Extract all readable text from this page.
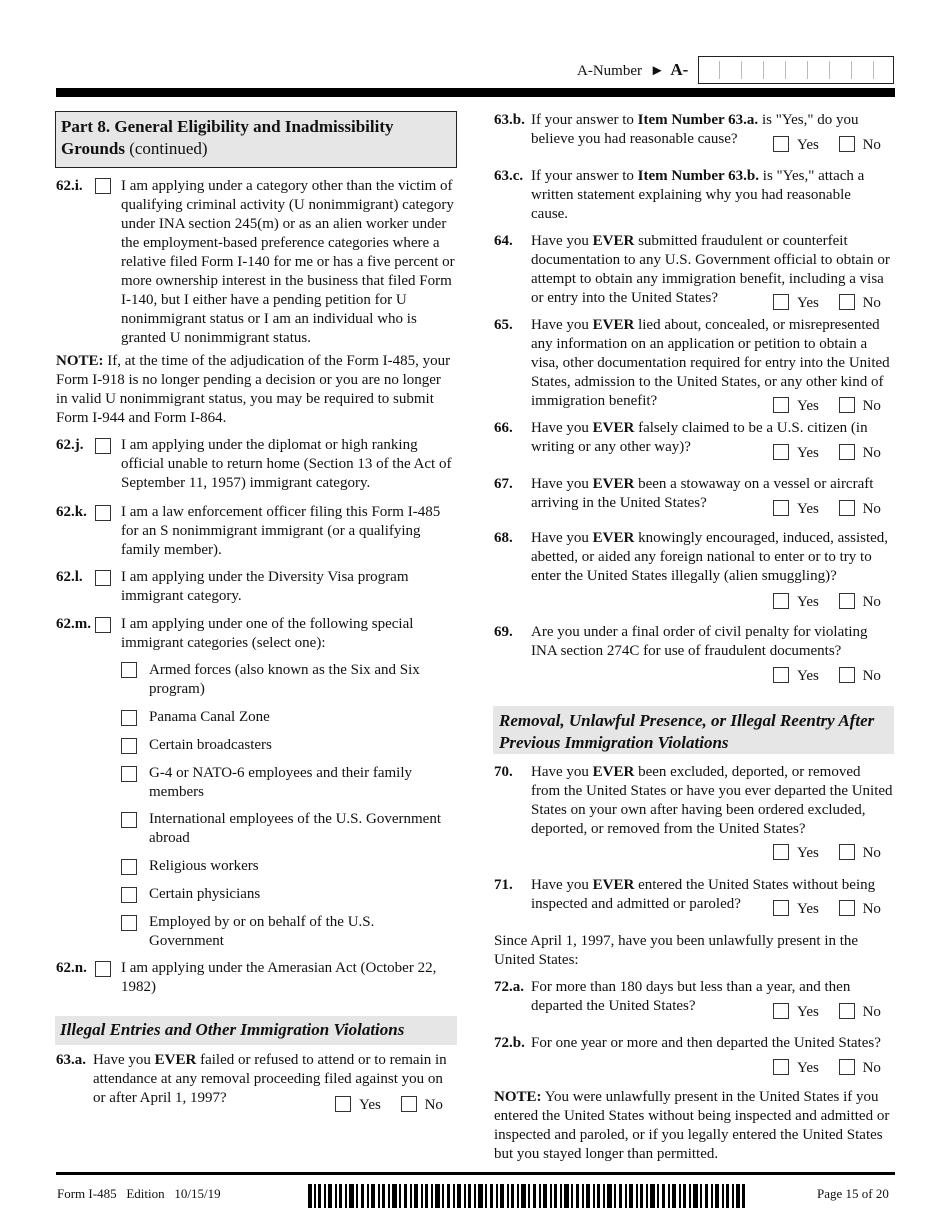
A-Number ► A-
Part 8. General Eligibility and Inadmissibility Grounds (continued)
62.i.	I am applying under a category other than the victim of qualifying criminal activity (U nonimmigrant) category under INA section 245(m) or as an alien worker under the employment-based preference categories where a relative filed Form I-140 for me or has a five percent or more ownership interest in the business that filed Form I-140, but I either have a pending petition for U nonimmigrant status or I am an individual who is granted U nonimmigrant status.
NOTE: If, at the time of the adjudication of the Form I-485, your Form I-918 is no longer pending a decision or you are no longer in valid U nonimmigrant status, you may be required to submit Form I-944 and Form I-864.
62.j.	I am applying under the diplomat or high ranking official unable to return home (Section 13 of the Act of September 11, 1957) immigrant category.
62.k. I am a law enforcement officer filing this Form I-485 for an S nonimmigrant immigrant (or a qualifying family member).
62.l.	I am applying under the Diversity Visa program immigrant category.
62.m. I am applying under one of the following special immigrant categories (select one):
Armed forces (also known as the Six and Six program)
Panama Canal Zone
Certain broadcasters
G-4 or NATO-6 employees and their family members
International employees of the U.S. Government abroad
Religious workers
Certain physicians
Employed by or on behalf of the U.S. Government
62.n. I am applying under the Amerasian Act (October 22, 1982)
Illegal Entries and Other Immigration Violations
63.a. Have you EVER failed or refused to attend or to remain in attendance at any removal proceeding filed against you on or after April 1, 1997?	Yes	No
63.b. If your answer to Item Number 63.a. is "Yes," do you believe you had reasonable cause?	Yes	No
63.c. If your answer to Item Number 63.b. is "Yes," attach a written statement explaining why you had reasonable cause.
64. Have you EVER submitted fraudulent or counterfeit documentation to any U.S. Government official to obtain or attempt to obtain any immigration benefit, including a visa or entry into the United States?	Yes	No
65. Have you EVER lied about, concealed, or misrepresented any information on an application or petition to obtain a visa, other documentation required for entry into the United States, admission to the United States, or any other kind of immigration benefit?	Yes	No
66. Have you EVER falsely claimed to be a U.S. citizen (in writing or any other way)?	Yes	No
67. Have you EVER been a stowaway on a vessel or aircraft arriving in the United States?	Yes	No
68. Have you EVER knowingly encouraged, induced, assisted, abetted, or aided any foreign national to enter or to try to enter the United States illegally (alien smuggling)?
Yes	No
69. Are you under a final order of civil penalty for violating INA section 274C for use of fraudulent documents?
Yes	No
Removal, Unlawful Presence, or Illegal Reentry After Previous Immigration Violations
70. Have you EVER been excluded, deported, or removed from the United States or have you ever departed the United States on your own after having been ordered excluded, deported, or removed from the United States?
Yes	No
71. Have you EVER entered the United States without being inspected and admitted or paroled?	Yes	No
Since April 1, 1997, have you been unlawfully present in the United States:
72.a. For more than 180 days but less than a year, and then departed the United States?	Yes	No
72.b. For one year or more and then departed the United States?
Yes	No
NOTE: You were unlawfully present in the United States if you entered the United States without being inspected and admitted or inspected and paroled, or if you legally entered the United States but you stayed longer than permitted.
Form I-485   Edition   10/15/19	Page 15 of 20
